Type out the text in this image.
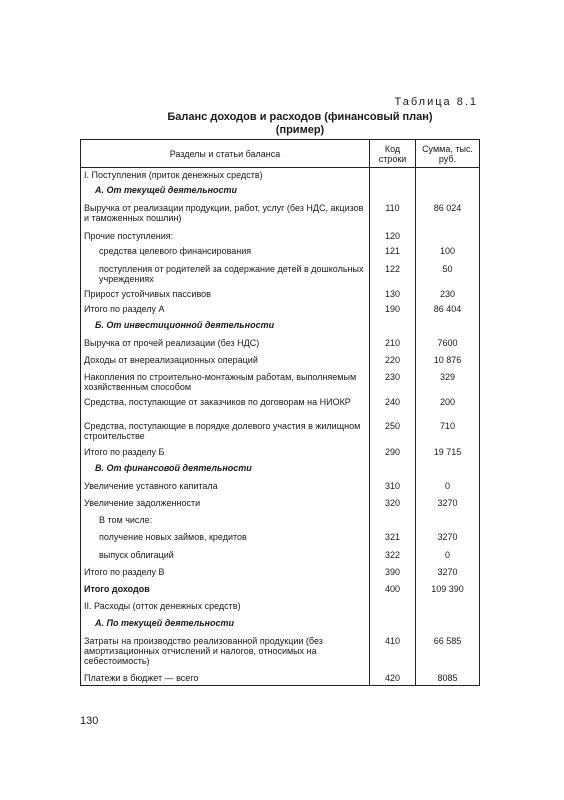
Таблица 8.1
Баланс доходов и расходов (финансовый план)
(пример)
Разделы и статьи баланса	Код строки	Сумма, тыс. руб.
I. Поступления (приток денежных средств)		
А. От текущей деятельности		
Выручка от реализации продукции, работ, услуг (без НДС, акцизов и таможенных пошлин)	110	86 024
Прочие поступления:	120	
средства целевого финансирования	121	100
поступления от родителей за содержание детей в дошкольных учреждениях	122	50
Прирост устойчивых пассивов	130	230
Итого по разделу А	190	86 404
Б. От инвестиционной деятельности		
Выручка от прочей реализации (без НДС)	210	7600
Доходы от внереализационных операций	220	10 876
Накопления по строительно-монтажным работам, выполняемым хозяйственным способом	230	329
Средства, поступающие от заказчиков по договорам на НИОКР	240	200
Средства, поступающие в порядке долевого участия в жилищном строительстве	250	710
Итого по разделу Б	290	19 715
В. От финансовой деятельности		
Увеличение уставного капитала	310	0
Увеличение задолженности	320	3270
В том числе:		
получение новых займов, кредитов	321	3270
выпуск облигаций	322	0
Итого по разделу В	390	3270
Итого доходов	400	109 390
II. Расходы (отток денежных средств)		
А. По текущей деятельности		
Затраты на производство реализованной продукции (без амортизационных отчислений и налогов, относимых на себестоимость)	410	66 585
Платежи в бюджет — всего	420	8085
130
